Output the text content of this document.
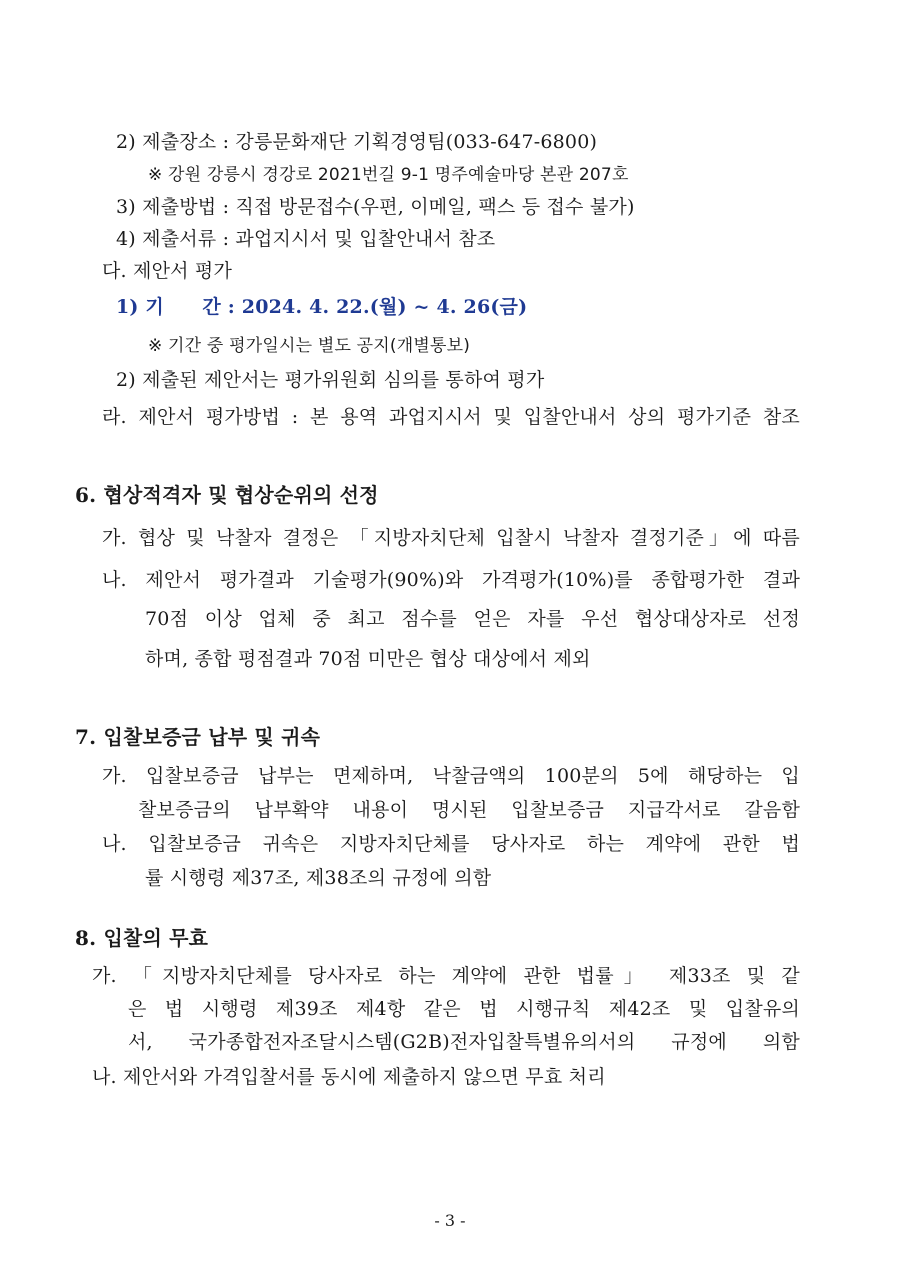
2) 제출장소 : 강릉문화재단 기획경영팀(033-647-6800)
※ 강원 강릉시 경강로 2021번길 9-1 명주예술마당 본관 207호
3) 제출방법 : 직접 방문접수(우편, 이메일, 팩스 등 접수 불가)
4) 제출서류 : 과업지시서 및 입찰안내서 참조
다. 제안서 평가
1) 기　　간 : 2024. 4. 22.(월) ~ 4. 26(금)
※ 기간 중 평가일시는 별도 공지(개별통보)
2) 제출된 제안서는 평가위원회 심의를 통하여 평가
라. 제안서 평가방법 : 본 용역 과업지시서 및 입찰안내서 상의 평가기준 참조
6. 협상적격자 및 협상순위의 선정
가. 협상 및 낙찰자 결정은 「지방자치단체 입찰시 낙찰자 결정기준」에 따름
나. 제안서 평가결과 기술평가(90%)와 가격평가(10%)를 종합평가한 결과
70점 이상 업체 중 최고 점수를 얻은 자를 우선 협상대상자로 선정
하며, 종합 평점결과 70점 미만은 협상 대상에서 제외
7. 입찰보증금 납부 및 귀속
가. 입찰보증금 납부는 면제하며, 낙찰금액의 100분의 5에 해당하는 입
찰보증금의 납부확약 내용이 명시된 입찰보증금 지급각서로 갈음함
나. 입찰보증금 귀속은 지방자치단체를 당사자로 하는 계약에 관한 법
률 시행령 제37조, 제38조의 규정에 의함
8. 입찰의 무효
가. 「지방자치단체를 당사자로 하는 계약에 관한 법률」 제33조 및 같
은 법 시행령 제39조 제4항 같은 법 시행규칙 제42조 및 입찰유의
서, 국가종합전자조달시스템(G2B)전자입찰특별유의서의 규정에 의함
나. 제안서와 가격입찰서를 동시에 제출하지 않으면 무효 처리
- 3 -
